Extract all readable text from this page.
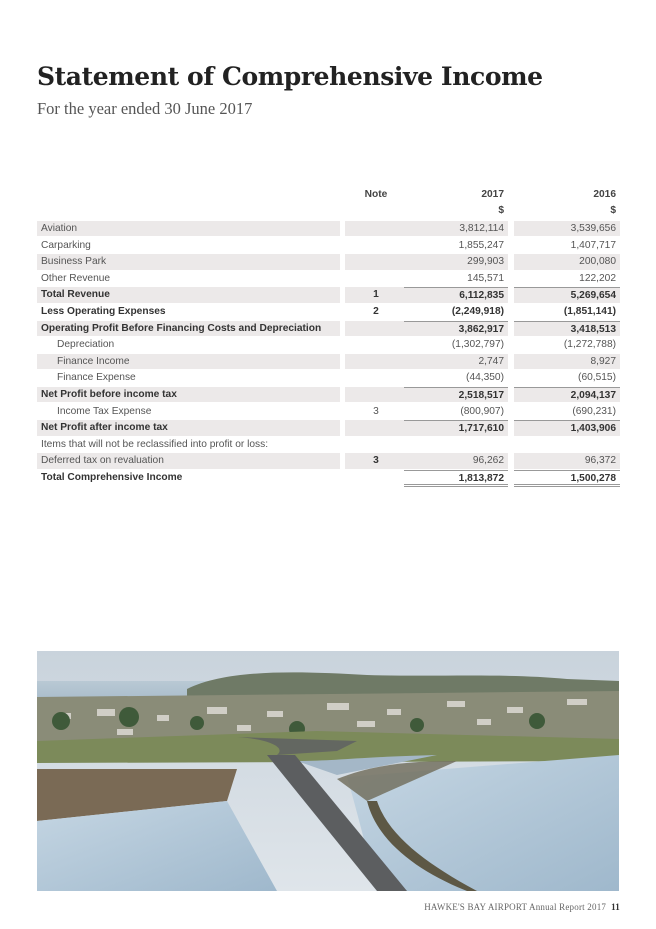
Statement of Comprehensive Income
For the year ended 30 June 2017
Note	2017	2016
$	$
Aviation	3,812,114	3,539,656
Carparking	1,855,247	1,407,717
Business Park	299,903	200,080
Other Revenue	145,571	122,202
Total Revenue	1	6,112,835	5,269,654
Less Operating Expenses	2	(2,249,918)	(1,851,141)
Operating Profit Before Financing Costs and Depreciation	3,862,917	3,418,513
Depreciation	(1,302,797)	(1,272,788)
Finance Income	2,747	8,927
Finance Expense	(44,350)	(60,515)
Net Profit before income tax	2,518,517	2,094,137
Income Tax Expense	3	(800,907)	(690,231)
Net Profit after income tax	1,717,610	1,403,906
Items that will not be reclassified into profit or loss:
Deferred tax on revaluation	3	96,262	96,372
Total Comprehensive Income	1,813,872	1,500,278
HAWKE'S BAY AIRPORT Annual Report 2017 11
